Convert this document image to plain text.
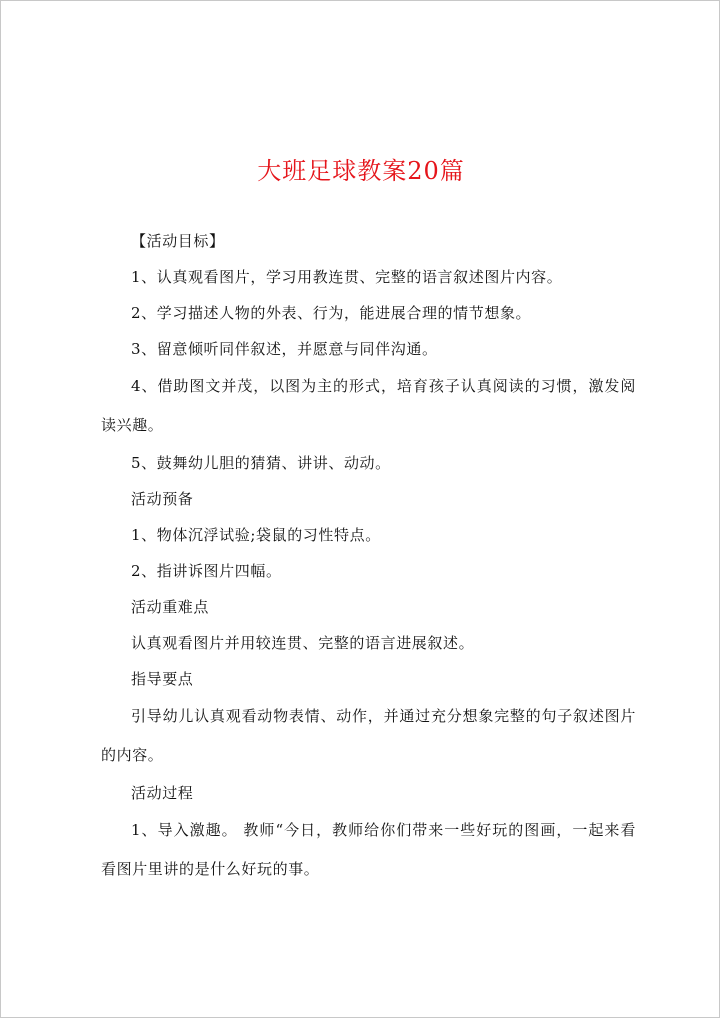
大班足球教案20篇

【活动目标】

1、认真观看图片，学习用教连贯、完整的语言叙述图片内容。

2、学习描述人物的外表、行为，能进展合理的情节想象。

3、留意倾听同伴叙述，并愿意与同伴沟通。

4、借助图文并茂，以图为主的形式，培育孩子认真阅读的习惯，激发阅读兴趣。

5、鼓舞幼儿胆的猜猜、讲讲、动动。

活动预备

1、物体沉浮试验;袋鼠的习性特点。

2、指讲诉图片四幅。

活动重难点

认真观看图片并用较连贯、完整的语言进展叙述。

指导要点

引导幼儿认真观看动物表情、动作，并通过充分想象完整的句子叙述图片的内容。

活动过程

1、导入激趣。 教师“今日，教师给你们带来一些好玩的图画，一起来看看图片里讲的是什么好玩的事。
